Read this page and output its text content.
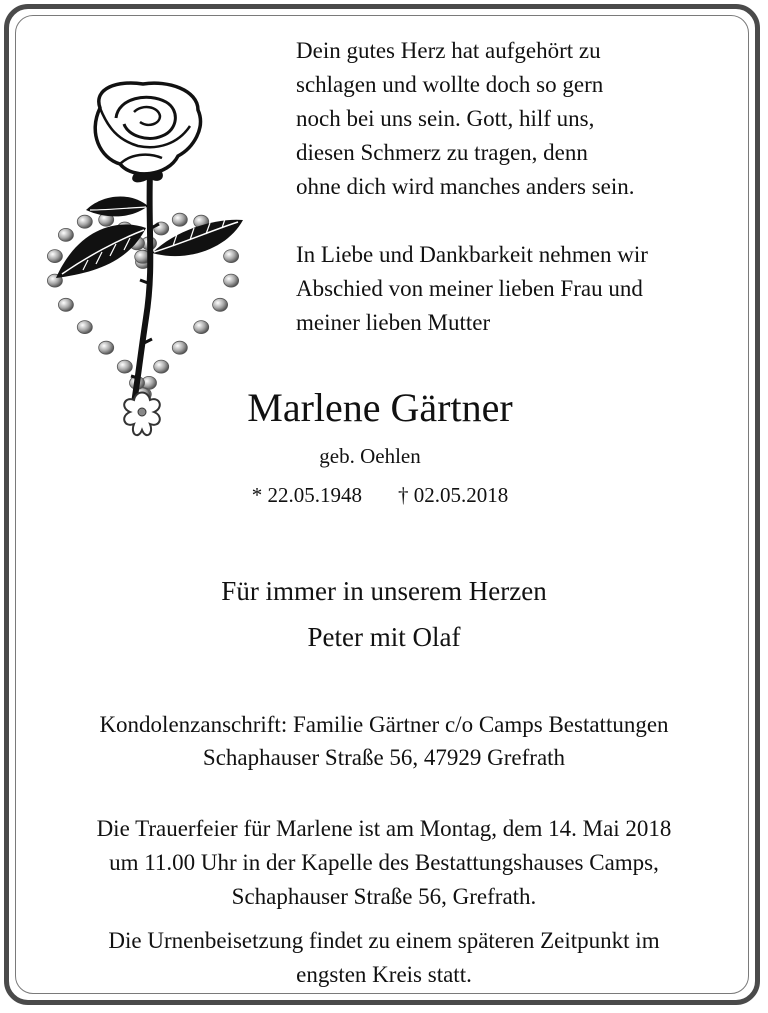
Dein gutes Herz hat aufgehört zu

schlagen und wollte doch so gern

noch bei uns sein. Gott, hilf uns,

diesen Schmerz zu tragen, denn

ohne dich wird manches anders sein.

In Liebe und Dankbarkeit nehmen wir

Abschied von meiner lieben Frau und

meiner lieben Mutter

Marlene Gärtner
geb. Oehlen
* 22.05.1948 † 02.05.2018
Für immer in unserem Herzen
Peter mit Olaf

Kondolenzanschrift: Familie Gärtner c/o Camps Bestattungen

Schaphauser Straße 56, 47929 Grefrath

Die Trauerfeier für Marlene ist am Montag, dem 14. Mai 2018

um 11.00 Uhr in der Kapelle des Bestattungshauses Camps,

Schaphauser Straße 56, Grefrath.

Die Urnenbeisetzung findet zu einem späteren Zeitpunkt im

engsten Kreis statt.
